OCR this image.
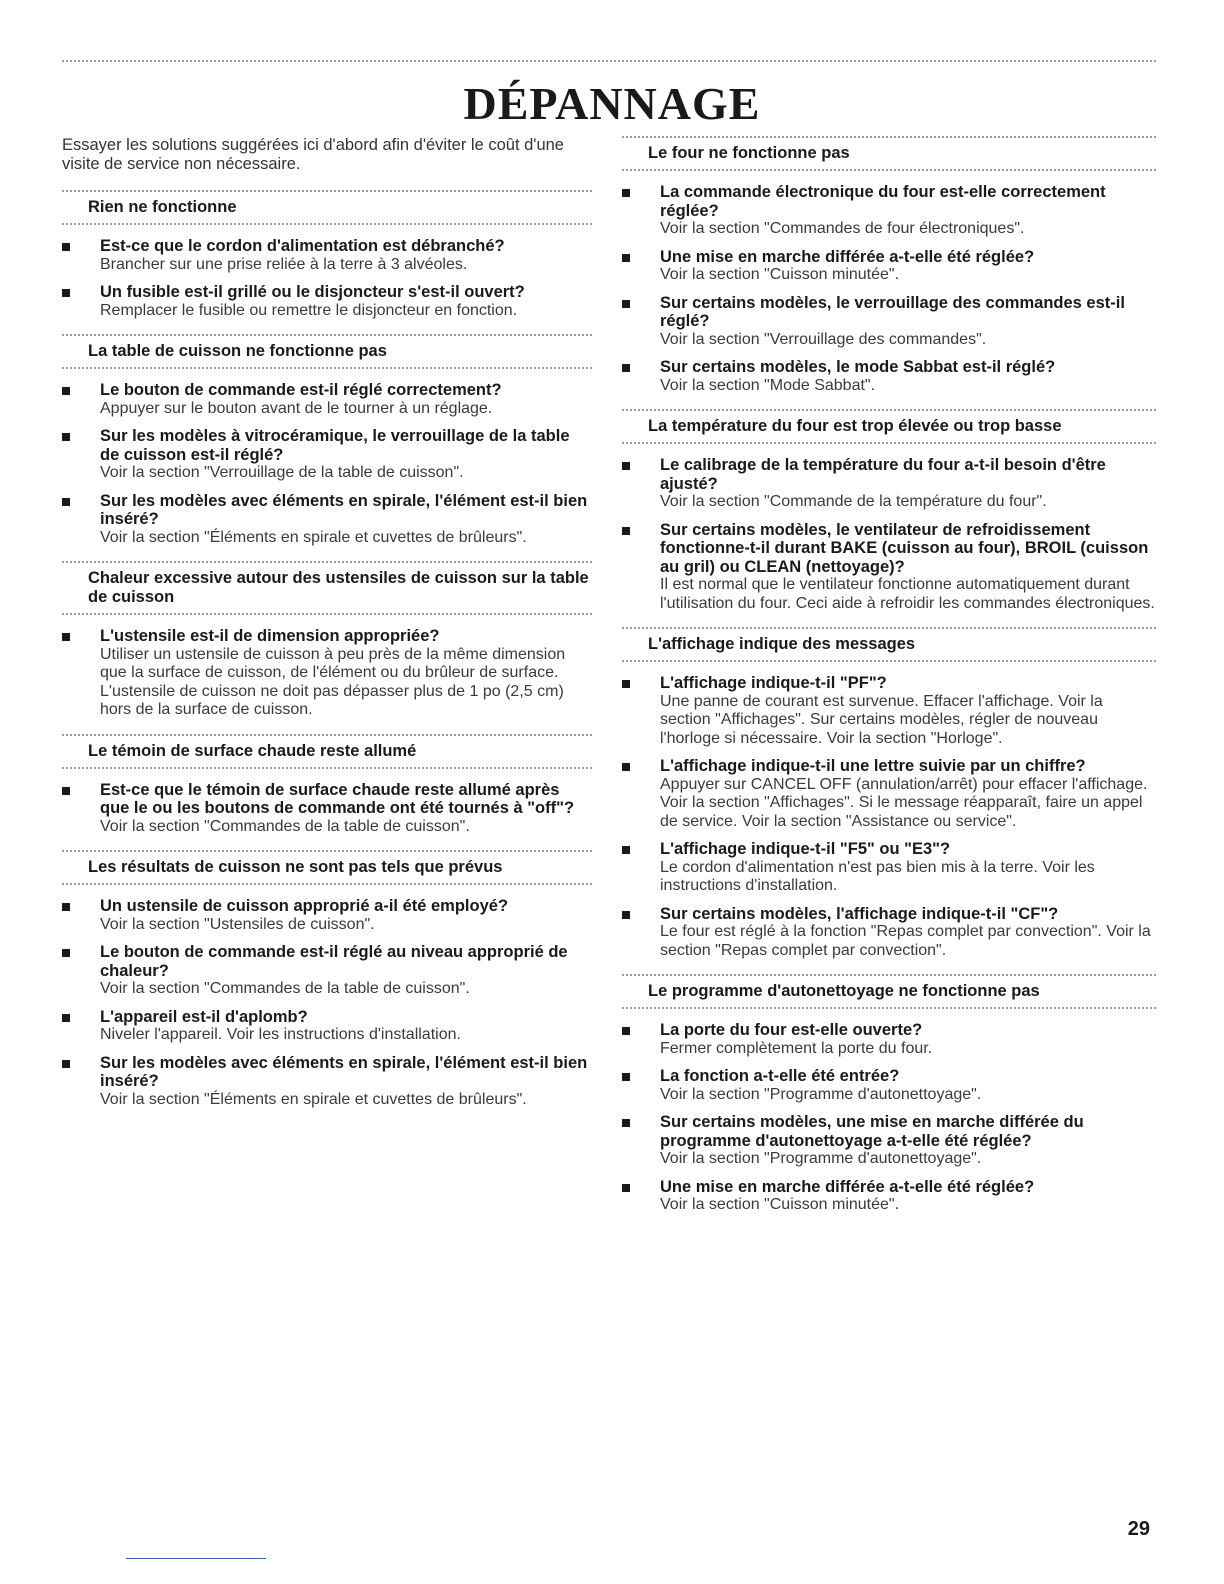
DÉPANNAGE

Essayer les solutions suggérées ici d'abord afin d'éviter le coût d'une visite de service non nécessaire.

Rien ne fonctionne

Est-ce que le cordon d'alimentation est débranché?

Brancher sur une prise reliée à la terre à 3 alvéoles.

Un fusible est-il grillé ou le disjoncteur s'est-il ouvert?

Remplacer le fusible ou remettre le disjoncteur en fonction.

La table de cuisson ne fonctionne pas

Le bouton de commande est-il réglé correctement?

Appuyer sur le bouton avant de le tourner à un réglage.

Sur les modèles à vitrocéramique, le verrouillage de la table de cuisson est-il réglé?

Voir la section "Verrouillage de la table de cuisson".

Sur les modèles avec éléments en spirale, l'élément est-il bien inséré?

Voir la section "Éléments en spirale et cuvettes de brûleurs".

Chaleur excessive autour des ustensiles de cuisson sur la table de cuisson

L'ustensile est-il de dimension appropriée?

Utiliser un ustensile de cuisson à peu près de la même dimension que la surface de cuisson, de l'élément ou du brûleur de surface. L'ustensile de cuisson ne doit pas dépasser plus de 1 po (2,5 cm) hors de la surface de cuisson.

Le témoin de surface chaude reste allumé

Est-ce que le témoin de surface chaude reste allumé après que le ou les boutons de commande ont été tournés à "off"?

Voir la section "Commandes de la table de cuisson".

Les résultats de cuisson ne sont pas tels que prévus

Un ustensile de cuisson approprié a-il été employé?

Voir la section "Ustensiles de cuisson".

Le bouton de commande est-il réglé au niveau approprié de chaleur?

Voir la section "Commandes de la table de cuisson".

L'appareil est-il d'aplomb?

Niveler l'appareil. Voir les instructions d'installation.

Sur les modèles avec éléments en spirale, l'élément est-il bien inséré?

Voir la section "Éléments en spirale et cuvettes de brûleurs".

Le four ne fonctionne pas

La commande électronique du four est-elle correctement réglée?

Voir la section "Commandes de four électroniques".

Une mise en marche différée a-t-elle été réglée?

Voir la section "Cuisson minutée".

Sur certains modèles, le verrouillage des commandes est-il réglé?

Voir la section "Verrouillage des commandes".

Sur certains modèles, le mode Sabbat est-il réglé?

Voir la section "Mode Sabbat".

La température du four est trop élevée ou trop basse

Le calibrage de la température du four a-t-il besoin d'être ajusté?

Voir la section "Commande de la température du four".

Sur certains modèles, le ventilateur de refroidissement fonctionne-t-il durant BAKE (cuisson au four), BROIL (cuisson au gril) ou CLEAN (nettoyage)?

Il est normal que le ventilateur fonctionne automatiquement durant l'utilisation du four. Ceci aide à refroidir les commandes électroniques.

L'affichage indique des messages

L'affichage indique-t-il "PF"?

Une panne de courant est survenue. Effacer l'affichage. Voir la section "Affichages". Sur certains modèles, régler de nouveau l'horloge si nécessaire. Voir la section "Horloge".

L'affichage indique-t-il une lettre suivie par un chiffre?

Appuyer sur CANCEL OFF (annulation/arrêt) pour effacer l'affichage. Voir la section "Affichages". Si le message réapparaît, faire un appel de service. Voir la section "Assistance ou service".

L'affichage indique-t-il "F5" ou "E3"?

Le cordon d'alimentation n'est pas bien mis à la terre. Voir les instructions d'installation.

Sur certains modèles, l'affichage indique-t-il "CF"?

Le four est réglé à la fonction "Repas complet par convection". Voir la section "Repas complet par convection".

Le programme d'autonettoyage ne fonctionne pas

La porte du four est-elle ouverte?

Fermer complètement la porte du four.

La fonction a-t-elle été entrée?

Voir la section "Programme d'autonettoyage".

Sur certains modèles, une mise en marche différée du programme d'autonettoyage a-t-elle été réglée?

Voir la section "Programme d'autonettoyage".

Une mise en marche différée a-t-elle été réglée?

Voir la section "Cuisson minutée".

29
